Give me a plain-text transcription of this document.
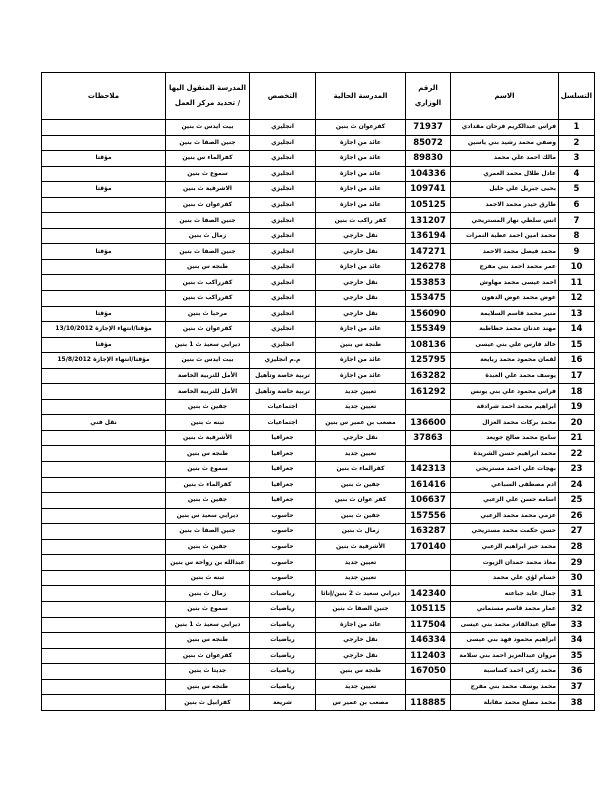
التسلسل	الاسم	الرقم الوزاري	المدرسة الحالية	التخصص	المدرسة المنقول اليها / تحديد مركز العمل	ملاحظات
1	فراس عبدالكريم فرحان مقدادي	71937	كفرعوان ث بنين	انجليزي	بيت ايدس ث بنين	
2	وصفي محمد رشيد بني ياسين	85072	عائد من اجازة	انجليزي	جنين الصفا ث بنين	
3	مالك احمد علي محمد	89830	عائد من اجازة	انجليزي	كفرالماء س بنين	مؤقتا
4	عادل طلال محمد العمري	104336	عائد من اجازة	انجليزي	سموع ث بنين	
5	يحيى جبريل علي خليل	109741	عائد من اجازة	انجليزي	الاشرفية ث بنين	مؤقتا
6	طارق حيدر محمد الاحمد	105125	عائد من اجازة	انجليزي	كفرعوان ث بنين	
7	انس سلطي نهار المستريحي	131207	كفر راكب ث بنين	انجليزي	جنين الصفا ث بنين	
8	محمد امين احمد عطية النمرات	136194	نقل خارجي	انجليزي	زمال ث بنين	
9	محمد فيصل محمد الاحمد	147271	نقل خارجي	انجليزي	جنين الصفا ث بنين	مؤقتا
10	عمر محمد احمد بني مفرج	126278	عائد من اجازة	انجليزي	طنجه س بنين	
11	احمد عيسى محمد مهاوش	153853	نقل خارجي	انجليزي	كفرراكب ث بنين	
12	عوض محمد عوض الدهون	153475	نقل خارجي	انجليزي	كفرراكب ث بنين	
13	منير محمد قاسم السلايمة	156090	نقل خارجي	انجليزي	مرحبا ث بنين	مؤقتا
14	مهند عدنان محمد خطاطبة	155349	عائد من اجازة	انجليزي	كفرعوان ث بنين	مؤقتا/انتهاء الإجازة 13/10/2012
15	خالد فارس علي بني عيسى	108136	طنجة س بنين	انجليزي	ديرابي سعيد ث 1 بنين	مؤقتا
16	لقمان محمود محمد ربايعة	125795	عائد من اجازة	م.م انجليزي	بيت ايدس ث بنين	مؤقتا/انتهاء الإجازة 15/8/2012
17	يوسف محمد علي العبدة	163282	عائد من اجازة	تربية خاصة وتأهيل	الأمل للتربية الخاصة	
18	فراس محمود علي بني يونس	161292	تعيين جديد	تربية خاصة وتأهيل	الأمل للتربية الخاصة	
19	ابراهيم محمد احمد شرادقة		تعيين جديد	اجتماعيات	جفين ث بنين	
20	محمد بركات محمد الغزال	136600	مصعب بن عمير س بنين	اجتماعيات	تبنه ث بنين	نقل فني
21	سامح محمد صالح جويعد	37863	نقل خارجي	جغرافيا	الأشرفية ث بنين	
22	محمد ابراهيم حسن الشريدة		تعيين جديد	جغرافيا	طنجه س بنين	
23	بهجات علي احمد مستريحي	142313	كفرالماء ث بنين	جغرافيا	سموع ث بنين	
24	ادم مصطفى السباعي	161416	جفين ث بنين	جغرافيا	كفرالماء ث بنين	
25	اسامه حسن علي الزعبي	106637	كفر عوان ث بنين	جغرافيا	جفين ث بنين	
26	عزمي محمد محمد الزعبي	157556	جفين ث بنين	حاسوب	ديرابي سعيد س بنين	
27	حسن حكمت محمد مستريحي	163287	زمال ث بنين	حاسوب	جنين الصفا ث بنين	
28	محمد خير ابراهيم الزعبي	170140	الأشرفية ث بنين	حاسوب	جفين ث بنين	
29	معاذ محمد حمدان الزيوت		تعيين جديد	حاسوب	عبدالله بن رواحة س بنين	
30	حسام لؤي علي محمد		تعيين جديد	حاسوب	تبنه ث بنين	
31	جمال عايد جباعته	142340	ديرابي سعيد ث 2 بنين/إناثا	رياضيات	زمال ث بنين	
32	عمار محمد قاسم مستماني	105115	جنين الصفا ث بنين	رياضيات	سموع ث بنين	
33	صالح عبدالقادر محمد بني عيسى	117504	عائد من اجازة	رياضيات	ديرابي سعيد ث 1 بنين	
34	ابراهيم محمود فهد بني عيسى	146334	نقل خارجي	رياضيات	طنجه س بنين	
35	مروان عبدالعزيز احمد بني سلامة	112403	نقل خارجي	رياضيات	كفرعوان ث بنين	
36	محمد زكي احمد كساسبة	167050	طنجة س بنين	رياضيات	جديتا ث بنين	
37	محمد يوسف محمد بني مفرج		تعيين جديد	رياضيات	طنجه س بنين	
38	محمد مصلح محمد مقابلة	118885	مصعب بن عمير س	شريعة	كفرابيل ث بنين	
